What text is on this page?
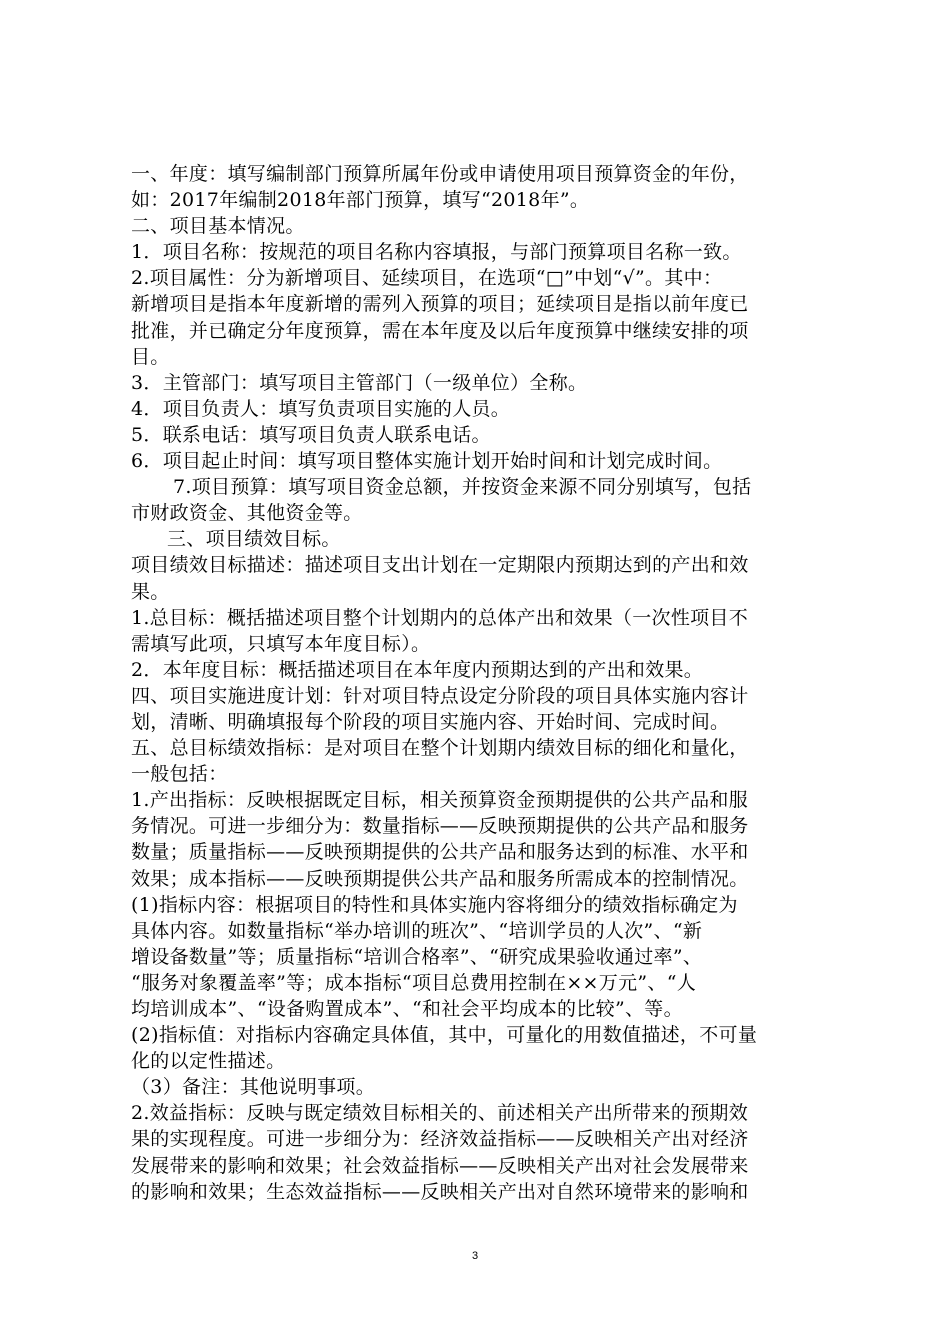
一、年度：填写编制部门预算所属年份或申请使用项目预算资金的年份，
如：2017年编制2018年部门预算，填写“2018年”。
二、项目基本情况。
1．项目名称：按规范的项目名称内容填报，与部门预算项目名称一致。
2.项目属性：分为新增项目、延续项目，在选项“□”中划“√”。其中：
新增项目是指本年度新增的需列入预算的项目；延续项目是指以前年度已
批准，并已确定分年度预算，需在本年度及以后年度预算中继续安排的项
目。
3．主管部门：填写项目主管部门（一级单位）全称。
4．项目负责人：填写负责项目实施的人员。
5．联系电话：填写项目负责人联系电话。
6．项目起止时间：填写项目整体实施计划开始时间和计划完成时间。
7.项目预算：填写项目资金总额，并按资金来源不同分别填写，包括
市财政资金、其他资金等。
三、项目绩效目标。
项目绩效目标描述：描述项目支出计划在一定期限内预期达到的产出和效
果。
1.总目标：概括描述项目整个计划期内的总体产出和效果（一次性项目不
需填写此项，只填写本年度目标）。
2．本年度目标：概括描述项目在本年度内预期达到的产出和效果。
四、项目实施进度计划：针对项目特点设定分阶段的项目具体实施内容计
划，清晰、明确填报每个阶段的项目实施内容、开始时间、完成时间。
五、总目标绩效指标：是对项目在整个计划期内绩效目标的细化和量化，
一般包括：
1.产出指标：反映根据既定目标，相关预算资金预期提供的公共产品和服
务情况。可进一步细分为：数量指标——反映预期提供的公共产品和服务
数量；质量指标——反映预期提供的公共产品和服务达到的标准、水平和
效果；成本指标——反映预期提供公共产品和服务所需成本的控制情况。
(1)指标内容：根据项目的特性和具体实施内容将细分的绩效指标确定为
具体内容。如数量指标“举办培训的班次”、“培训学员的人次”、“新
增设备数量”等；质量指标“培训合格率”、“研究成果验收通过率”、
“服务对象覆盖率”等；成本指标“项目总费用控制在××万元”、“人
均培训成本”、“设备购置成本”、“和社会平均成本的比较”、等。
(2)指标值：对指标内容确定具体值，其中，可量化的用数值描述，不可量
化的以定性描述。
（3）备注：其他说明事项。
2.效益指标：反映与既定绩效目标相关的、前述相关产出所带来的预期效
果的实现程度。可进一步细分为：经济效益指标——反映相关产出对经济
发展带来的影响和效果；社会效益指标——反映相关产出对社会发展带来
的影响和效果；生态效益指标——反映相关产出对自然环境带来的影响和
3
